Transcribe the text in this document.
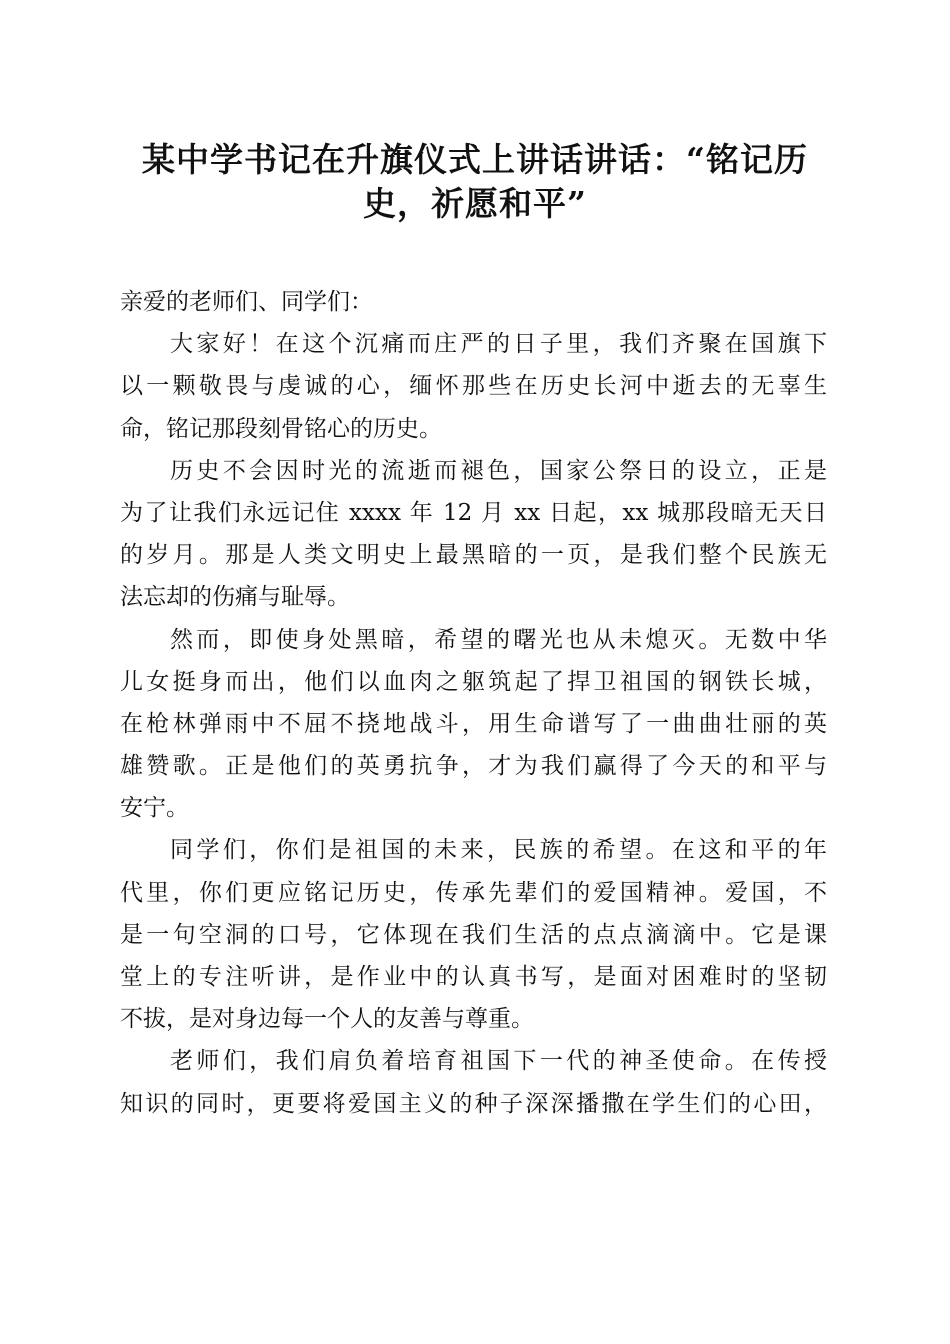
某中学书记在升旗仪式上讲话讲话：“铭记历
史，祈愿和平”
亲爱的老师们、同学们：
大家好！在这个沉痛而庄严的日子里，我们齐聚在国旗下
以一颗敬畏与虔诚的心，缅怀那些在历史长河中逝去的无辜生
命，铭记那段刻骨铭心的历史。
历史不会因时光的流逝而褪色，国家公祭日的设立，正是
为了让我们永远记住 xxxx 年 12 月 xx 日起，xx 城那段暗无天日
的岁月。那是人类文明史上最黑暗的一页，是我们整个民族无
法忘却的伤痛与耻辱。
然而，即使身处黑暗，希望的曙光也从未熄灭。无数中华
儿女挺身而出，他们以血肉之躯筑起了捍卫祖国的钢铁长城，
在枪林弹雨中不屈不挠地战斗，用生命谱写了一曲曲壮丽的英
雄赞歌。正是他们的英勇抗争，才为我们赢得了今天的和平与
安宁。
同学们，你们是祖国的未来，民族的希望。在这和平的年
代里，你们更应铭记历史，传承先辈们的爱国精神。爱国，不
是一句空洞的口号，它体现在我们生活的点点滴滴中。它是课
堂上的专注听讲，是作业中的认真书写，是面对困难时的坚韧
不拔，是对身边每一个人的友善与尊重。
老师们，我们肩负着培育祖国下一代的神圣使命。在传授
知识的同时，更要将爱国主义的种子深深播撒在学生们的心田，
